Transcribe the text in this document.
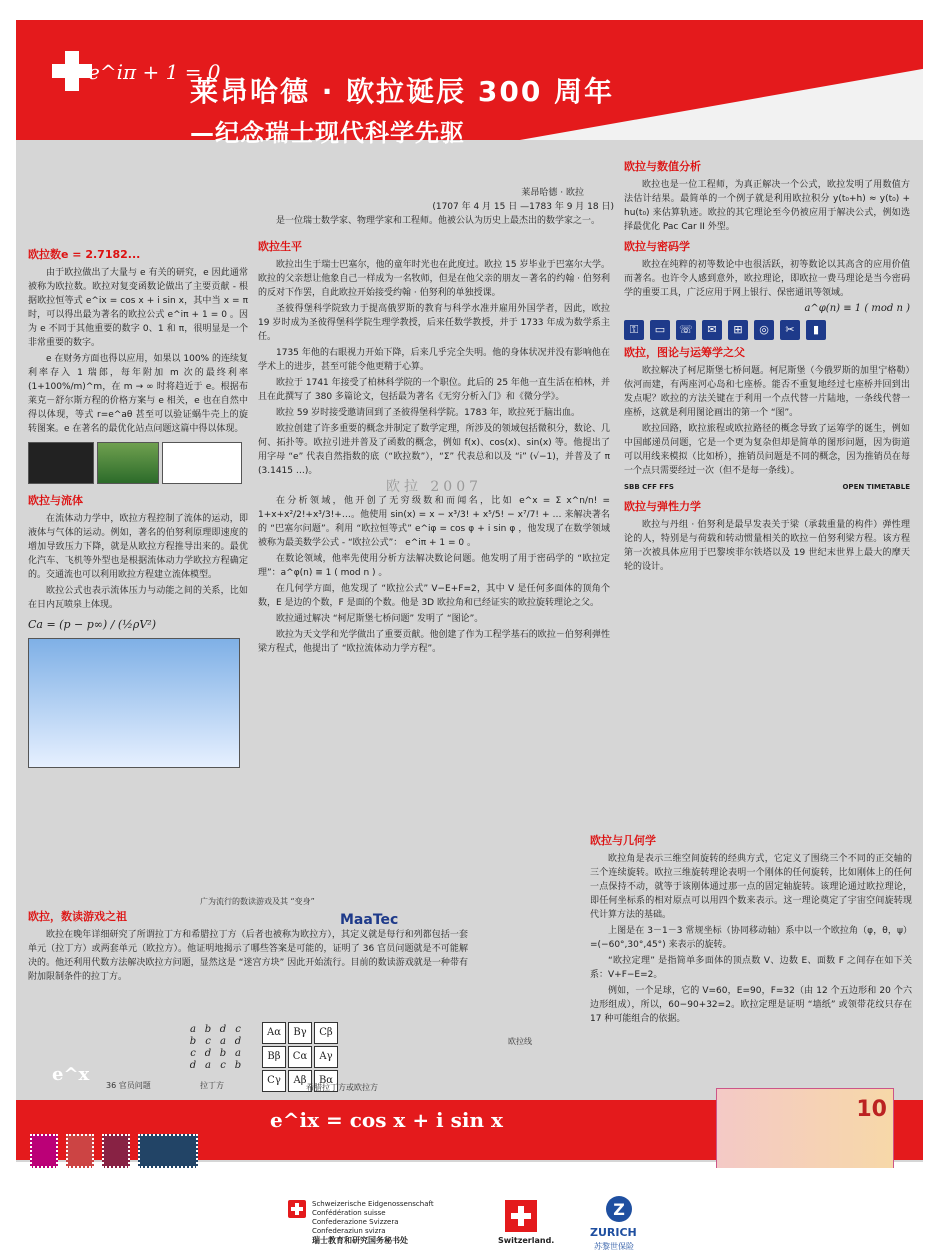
e^iπ + 1 = 0
莱昂哈德 · 欧拉诞辰 300 周年
—纪念瑞士现代科学先驱
莱昂哈德 · 欧拉
(1707 年 4 月 15 日 —1783 年 9 月 18 日)
是一位瑞士数学家、物理学家和工程师。他被公认为历史上最杰出的数学家之一。
欧拉数e = 2.7182...

由于欧拉做出了大量与 e 有关的研究，e 因此通常被称为欧拉数。欧拉对复变函数论做出了主要贡献 - 根据欧拉恒等式 e^ix = cos x + i sin x，其中当 x = π 时，可以得出最为著名的欧拉公式 e^iπ + 1 = 0 。因为 e 不同于其他重要的数字 0、1 和 π，很明显是一个非常重要的数字。

e 在财务方面也得以应用，如果以 100% 的连续复利率存入 1 瑞郎，每年附加 m 次的最终利率 (1+100%/m)^m，在 m → ∞ 时将趋近于 e。根据布莱克－舒尔斯方程的价格方案与 e 相关，e 也在自然中得以体现，等式 r=e^aθ 甚至可以验证蜗牛壳上的旋转图案。e 在著名的最优化站点问题这篇中得以体现。

欧拉与流体

在流体动力学中，欧拉方程控制了流体的运动，即液体与气体的运动。例如，著名的伯努利原理即速度的增加导致压力下降，就是从欧拉方程推导出来的。最优化汽车、飞机等外型也是根据流体动力学欧拉方程确定的。交通流也可以利用欧拉方程建立流体模型。

欧拉公式也表示流体压力与动能之间的关系，比如在日内瓦喷泉上体现。

Ca = (p − p∞) / (½ρV²)
欧拉生平

欧拉出生于瑞士巴塞尔，他的童年时光也在此度过。欧拉 15 岁毕业于巴塞尔大学。欧拉的父亲想让他象自己一样成为一名牧师，但是在他父亲的朋友－著名的约翰 · 伯努利的反对下作罢，自此欧拉开始接受约翰 · 伯努利的单独授课。

圣彼得堡科学院致力于提高俄罗斯的教育与科学水准并雇用外国学者，因此，欧拉 19 岁时成为圣彼得堡科学院生理学教授，后来任数学教授，并于 1733 年成为数学系主任。

1735 年他的右眼视力开始下降，后来几乎完全失明。他的身体状况并没有影响他在学术上的进步，甚至可能令他更精于心算。

欧拉于 1741 年接受了柏林科学院的一个职位。此后的 25 年他一直生活在柏林，并且在此撰写了 380 多篇论文，包括最为著名《无穷分析入门》和《微分学》。

欧拉 59 岁时接受邀请回到了圣彼得堡科学院。1783 年，欧拉死于脑出血。

欧拉创建了许多重要的概念并制定了数学定理，所涉及的领域包括微积分，数论、几何、拓扑等。欧拉引进并普及了函数的概念，例如 f(x)、cos(x)、sin(x) 等。他提出了用字母 “e” 代表自然指数的底（“欧拉数”），“Σ” 代表总和以及 “i” (√−1)，并普及了 π (3.1415 …)。

欧拉 2007

在分析领域，他开创了无穷级数和而闻名，比如 e^x = Σ x^n/n! = 1+x+x²/2!+x³/3!+…。他使用 sin(x) = x − x³/3! + x⁵/5! − x⁷/7! + … 来解决著名的 “巴塞尔问题”。利用 “欧拉恒等式” e^iφ = cos φ + i sin φ ，他发现了在数学领域被称为最美数学公式 - “欧拉公式”： e^iπ + 1 = 0 。

在数论领域，他率先使用分析方法解决数论问题。他发明了用于密码学的 “欧拉定理”：a^φ(n) ≡ 1 ( mod n ) 。

在几何学方面，他发现了 “欧拉公式” V−E+F=2，其中 V 是任何多面体的顶角个数，E 是边的个数，F 是面的个数。他是 3D 欧拉角和已经证实的欧拉旋转理论之父。

欧拉通过解决 “柯尼斯堡七桥问题” 发明了 “图论”。

欧拉为天文学和光学做出了重要贡献。他创建了作为工程学基石的欧拉－伯努利弹性梁方程式，他提出了 “欧拉流体动力学方程”。

欧拉与数值分析

欧拉也是一位工程师，为真正解决一个公式，欧拉发明了用数值方法估计结果。最简单的一个例子就是利用欧拉积分 y(t₀+h) ≈ y(t₀) + hu(t₀) 来估算轨迹。欧拉的其它理论至今仍被应用于解决公式，例如选择最优化 Pac Car II 外型。

欧拉与密码学

欧拉在纯粹的初等数论中也很活跃，初等数论以其高含的应用价值而著名。也许令人感到意外，欧拉理论，即欧拉一费马理论是当今密码学的重要工具，广泛应用于网上银行、保密通讯等领域。

a^φ(n) ≡ 1 ( mod n )
⚿	▭	☏	✉	⊞	◎	✂	▮
欧拉，图论与运筹学之父

欧拉解决了柯尼斯堡七桥问题。柯尼斯堡（今俄罗斯的加里宁格勒）依河而建，有两座河心岛和七座桥。能否不重复地经过七座桥并回到出发点呢？欧拉的方法关键在于利用一个点代替一片陆地，一条线代替一座桥，这就是利用图论画出的第一个 “图”。

欧拉回路，欧拉旅程或欧拉路径的概念导致了运筹学的诞生，例如中国邮递员问题，它是一个更为复杂但却是简单的图形问题，因为街道可以用线来模拟（比如桥），推销员问题是不同的概念，因为推销员在每一个点只需要经过一次（但不是每一条线）。

SBB CFF FFS	OPEN TIMETABLE
欧拉与弹性力学

欧拉与丹组 · 伯努利是最早发表关于梁（承载重量的构件）弹性理论的人，特别是与荷载和转动惯量相关的欧拉－伯努利梁方程。该方程第一次被具体应用于巴黎埃菲尔铁塔以及 19 世纪末世界上最大的摩天轮的设计。

欧拉与几何学

欧拉角是表示三维空间旋转的经典方式，它定义了围绕三个不同的正交轴的三个连续旋转。欧拉三维旋转理论表明一个刚体的任何旋转，比如刚体上的任何一点保持不动，就等于该刚体通过那一点的固定轴旋转。该理论通过欧拉理论，即任何坐标系的相对原点可以用四个数来表示。这一理论奠定了宇宙空间旋转现代计算方法的基础。

上图是在 3－1－3 常规坐标（协同移动轴）系中以一个欧拉角（φ，θ，ψ）=(−60°,30°,45°) 来表示的旋转。

“欧拉定理” 是指简单多面体的顶点数 V、边数 E、面数 F 之间存在如下关系：V+F−E=2。

例如，一个足球，它的 V=60，E=90，F=32（由 12 个五边形和 20 个六边形组成），所以，60−90+32=2。欧拉定理是证明 “墙纸” 或领带花纹只存在 17 种可能组合的依据。

欧拉线
广为流行的数读游戏及其 “变身”
MaaTec
欧拉，数读游戏之祖

欧拉在晚年详细研究了所谓拉丁方和希腊拉丁方（后者也被称为欧拉方），其定义就是每行和列都包括一套单元（拉丁方）或两套单元（欧拉方）。他证明地揭示了哪些答案是可能的，证明了 36 官员问题就是不可能解决的。他还利用代数方法解决欧拉方问题，显然这是 “迷宫方块” 因此开始流行。目前的数读游戏就是一种带有附加限制条件的拉丁方。

a b d c
b c a d
c d b a
d a c b
36 官员问题	拉丁方
Aα	Bγ	Cβ
Bβ	Cα	Aγ
Cγ	Aβ	Bα
希腊拉丁方或欧拉方
e^ix = cos x + i sin x
e^x

10
Schweizerische Eidgenossenschaft
Confédération suisse
Confederazione Svizzera
Confederaziun svizra
瑞士教育和研究国务秘书处	Switzerland.
Z
ZURICH
苏黎世保险
